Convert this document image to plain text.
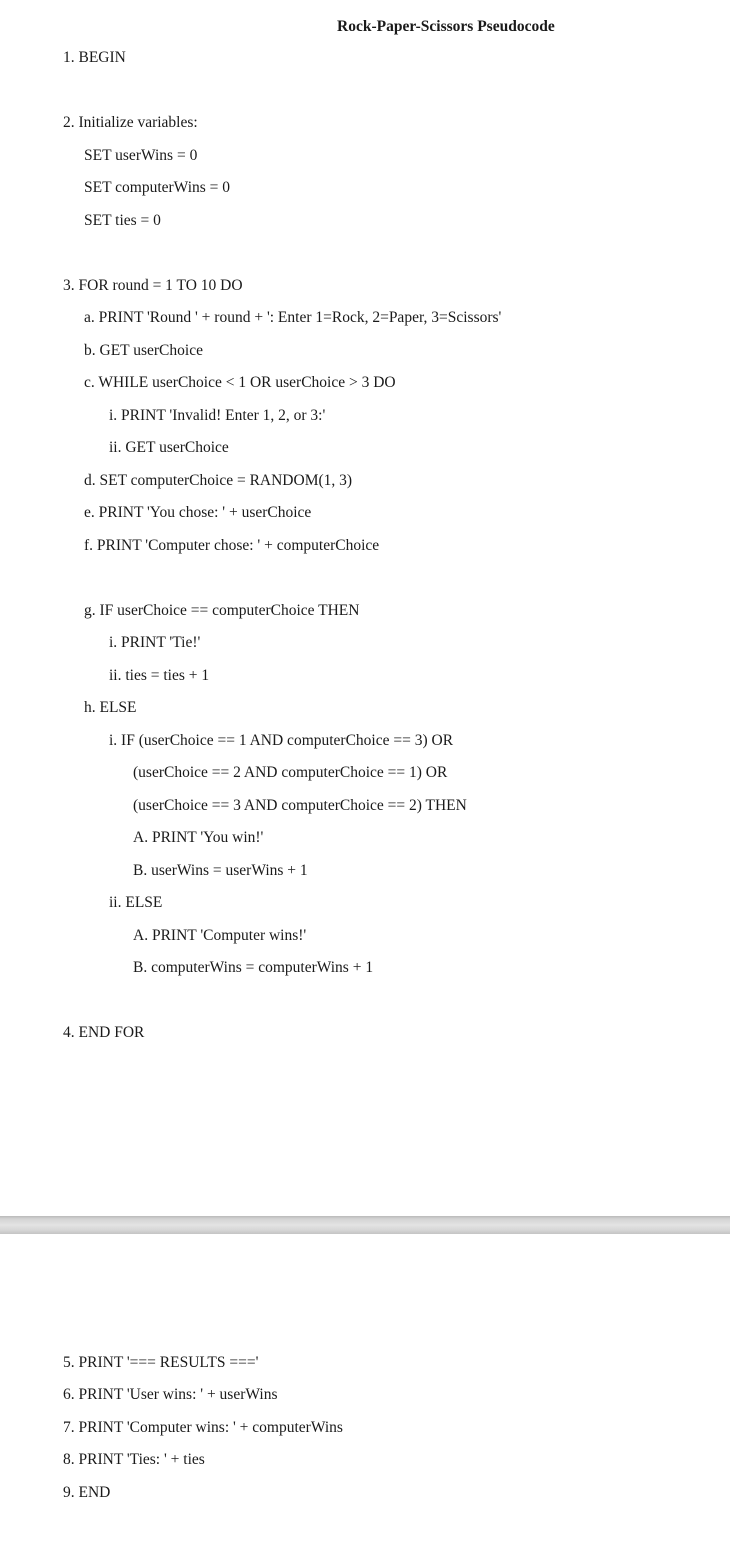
Rock-Paper-Scissors Pseudocode
1. BEGIN
2. Initialize variables:
SET userWins = 0
SET computerWins = 0
SET ties = 0
3. FOR round = 1 TO 10 DO
a. PRINT 'Round ' + round + ': Enter 1=Rock, 2=Paper, 3=Scissors'
b. GET userChoice
c. WHILE userChoice < 1 OR userChoice > 3 DO
i. PRINT 'Invalid! Enter 1, 2, or 3:'
ii. GET userChoice
d. SET computerChoice = RANDOM(1, 3)
e. PRINT 'You chose: ' + userChoice
f. PRINT 'Computer chose: ' + computerChoice
g. IF userChoice == computerChoice THEN
i. PRINT 'Tie!'
ii. ties = ties + 1
h. ELSE
i. IF (userChoice == 1 AND computerChoice == 3) OR
(userChoice == 2 AND computerChoice == 1) OR
(userChoice == 3 AND computerChoice == 2) THEN
A. PRINT 'You win!'
B. userWins = userWins + 1
ii. ELSE
A. PRINT 'Computer wins!'
B. computerWins = computerWins + 1
4. END FOR
5. PRINT '=== RESULTS ==='
6. PRINT 'User wins: ' + userWins
7. PRINT 'Computer wins: ' + computerWins
8. PRINT 'Ties: ' + ties
9. END
